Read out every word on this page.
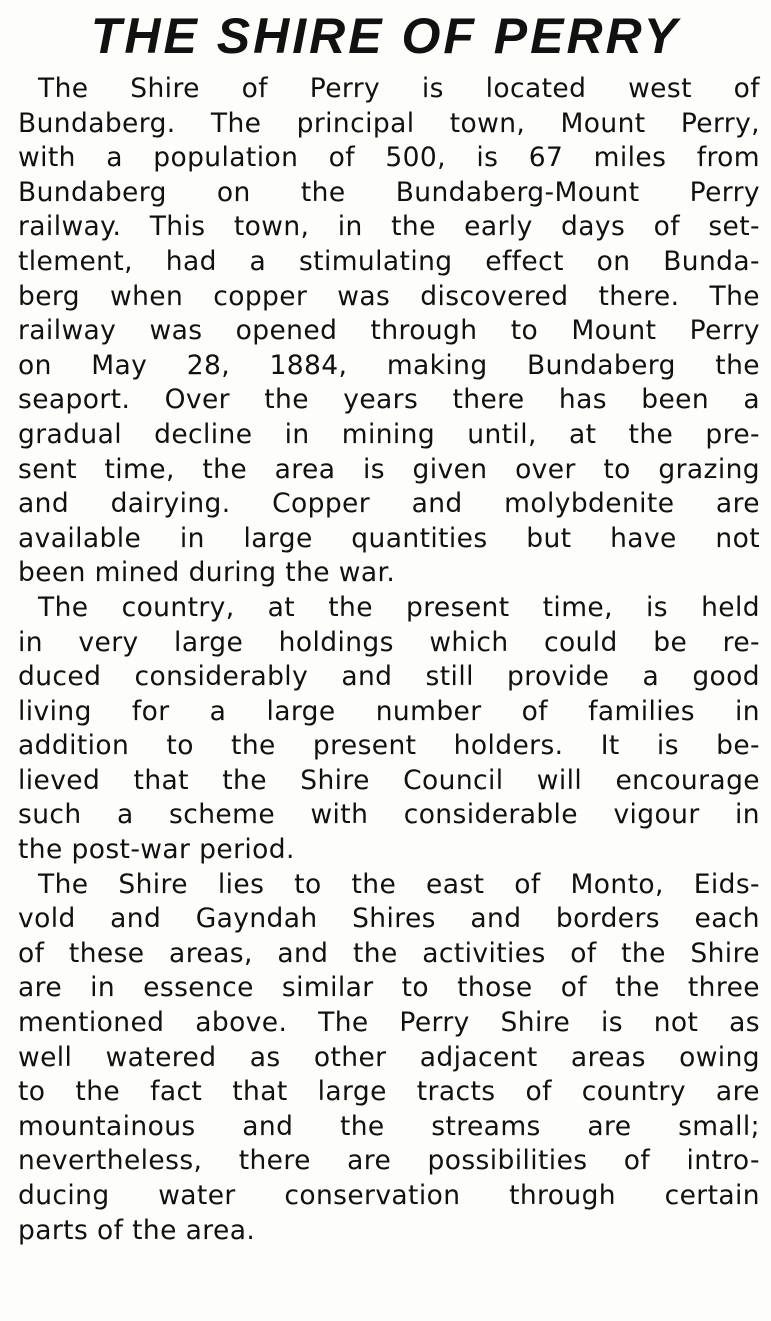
THE SHIRE OF PERRY
The Shire of Perry is located west of
Bundaberg. The principal town, Mount Perry,
with a population of 500, is 67 miles from
Bundaberg on the Bundaberg-Mount Perry
railway. This town, in the early days of set-
tlement, had a stimulating effect on Bunda-
berg when copper was discovered there. The
railway was opened through to Mount Perry
on May 28, 1884, making Bundaberg the
seaport. Over the years there has been a
gradual decline in mining until, at the pre-
sent time, the area is given over to grazing
and dairying. Copper and molybdenite are
available in large quantities but have not
been mined during the war.
The country, at the present time, is held
in very large holdings which could be re-
duced considerably and still provide a good
living for a large number of families in
addition to the present holders. It is be-
lieved that the Shire Council will encourage
such a scheme with considerable vigour in
the post-war period.
The Shire lies to the east of Monto, Eids-
vold and Gayndah Shires and borders each
of these areas, and the activities of the Shire
are in essence similar to those of the three
mentioned above. The Perry Shire is not as
well watered as other adjacent areas owing
to the fact that large tracts of country are
mountainous and the streams are small;
nevertheless, there are possibilities of intro-
ducing water conservation through certain
parts of the area.
